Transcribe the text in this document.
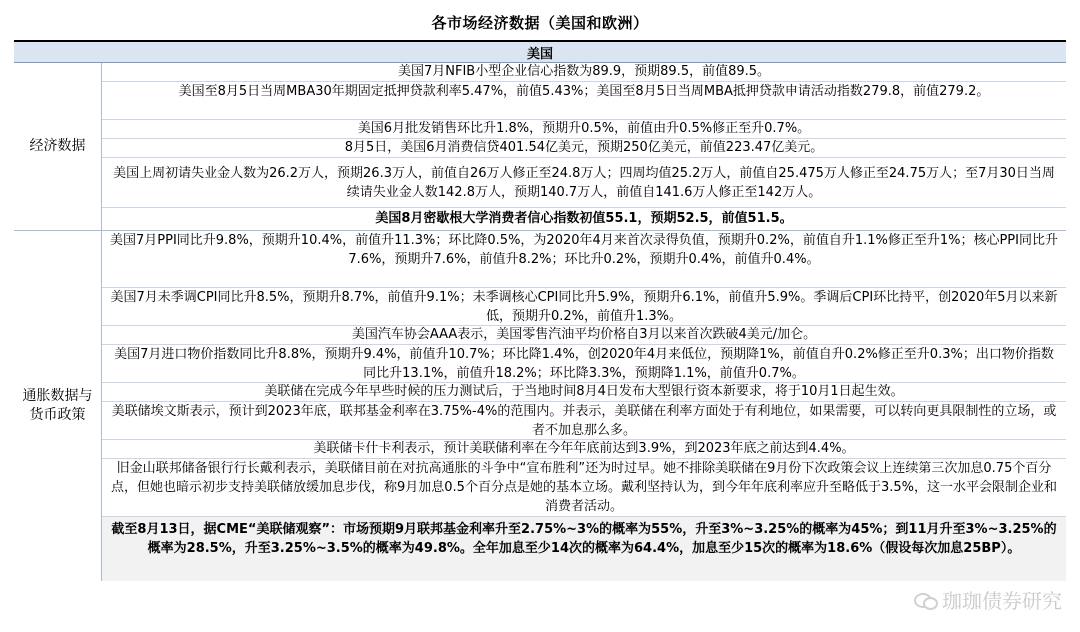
各市场经济数据（美国和欧洲）
美国
经济数据
美国7月NFIB小型企业信心指数为89.9，预期89.5，前值89.5。
美国至8月5日当周MBA30年期固定抵押贷款利率5.47%，前值5.43%；美国至8月5日当周MBA抵押贷款申请活动指数279.8，前值279.2。
美国6月批发销售环比升1.8%，预期升0.5%，前值由升0.5%修正至升0.7%。
8月5日，美国6月消费信贷401.54亿美元，预期250亿美元，前值223.47亿美元。
美国上周初请失业金人数为26.2万人，预期26.3万人，前值自26万人修正至24.8万人；四周均值25.2万人，前值自25.475万人修正至24.75万人；至7月30日当周续请失业金人数142.8万人，预期140.7万人，前值自141.6万人修正至142万人。
美国8月密歇根大学消费者信心指数初值55.1，预期52.5，前值51.5。
通胀数据与货币政策
美国7月PPI同比升9.8%，预期升10.4%，前值升11.3%；环比降0.5%，为2020年4月来首次录得负值，预期升0.2%，前值自升1.1%修正至升1%；核心PPI同比升7.6%，预期升7.6%，前值升8.2%；环比升0.2%，预期升0.4%，前值升0.4%。
美国7月未季调CPI同比升8.5%，预期升8.7%，前值升9.1%；未季调核心CPI同比升5.9%，预期升6.1%，前值升5.9%。季调后CPI环比持平，创2020年5月以来新低，预期升0.2%，前值升1.3%。
美国汽车协会AAA表示，美国零售汽油平均价格自3月以来首次跌破4美元/加仑。
美国7月进口物价指数同比升8.8%，预期升9.4%，前值升10.7%；环比降1.4%，创2020年4月来低位，预期降1%，前值自升0.2%修正至升0.3%；出口物价指数同比升13.1%，前值升18.2%；环比降3.3%，预期降1.1%，前值升0.7%。
美联储在完成今年早些时候的压力测试后，于当地时间8月4日发布大型银行资本新要求，将于10月1日起生效。
美联储埃文斯表示，预计到2023年底，联邦基金利率在3.75%-4%的范围内。并表示，美联储在利率方面处于有利地位，如果需要，可以转向更具限制性的立场，或者不加息那么多。
美联储卡什卡利表示，预计美联储利率在今年年底前达到3.9%，到2023年底之前达到4.4%。
旧金山联邦储备银行行长戴利表示，美联储目前在对抗高通胀的斗争中“宣布胜利”还为时过早。她不排除美联储在9月份下次政策会议上连续第三次加息0.75个百分点，但她也暗示初步支持美联储放缓加息步伐，称9月加息0.5个百分点是她的基本立场。戴利坚持认为，到今年年底利率应升至略低于3.5%，这一水平会限制企业和消费者活动。
截至8月13日，据CME“美联储观察”：市场预期9月联邦基金利率升至2.75%~3%的概率为55%，升至3%~3.25%的概率为45%；到11月升至3%~3.25%的概率为28.5%，升至3.25%~3.5%的概率为49.8%。全年加息至少14次的概率为64.4%，加息至少15次的概率为18.6%（假设每次加息25BP）。
珈珈债券研究
